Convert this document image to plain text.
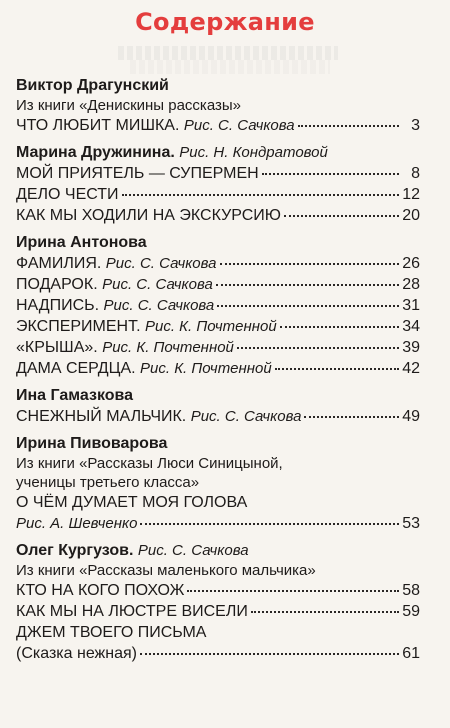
Содержание
Виктор Драгунский
Из книги «Денискины рассказы»
ЧТО ЛЮБИТ МИШКА. Рис. С. Сачкова	3
Марина Дружинина. Рис. Н. Кондратовой
МОЙ ПРИЯТЕЛЬ — СУПЕРМЕН	8
ДЕЛО ЧЕСТИ	12
КАК МЫ ХОДИЛИ НА ЭКСКУРСИЮ	20
Ирина Антонова
ФАМИЛИЯ. Рис. С. Сачкова	26
ПОДАРОК. Рис. С. Сачкова	28
НАДПИСЬ. Рис. С. Сачкова	31
ЭКСПЕРИМЕНТ. Рис. К. Почтенной	34
«КРЫША». Рис. К. Почтенной	39
ДАМА СЕРДЦА. Рис. К. Почтенной	42
Ина Гамазкова
СНЕЖНЫЙ МАЛЬЧИК. Рис. С. Сачкова	49
Ирина Пивоварова
Из книги «Рассказы Люси Синицыной,
ученицы третьего класса»
О ЧЁМ ДУМАЕТ МОЯ ГОЛОВА
Рис. А. Шевченко	53
Олег Кургузов. Рис. С. Сачкова
Из книги «Рассказы маленького мальчика»
КТО НА КОГО ПОХОЖ	58
КАК МЫ НА ЛЮСТРЕ ВИСЕЛИ	59
ДЖЕМ ТВОЕГО ПИСЬМА
(Сказка нежная)	61
